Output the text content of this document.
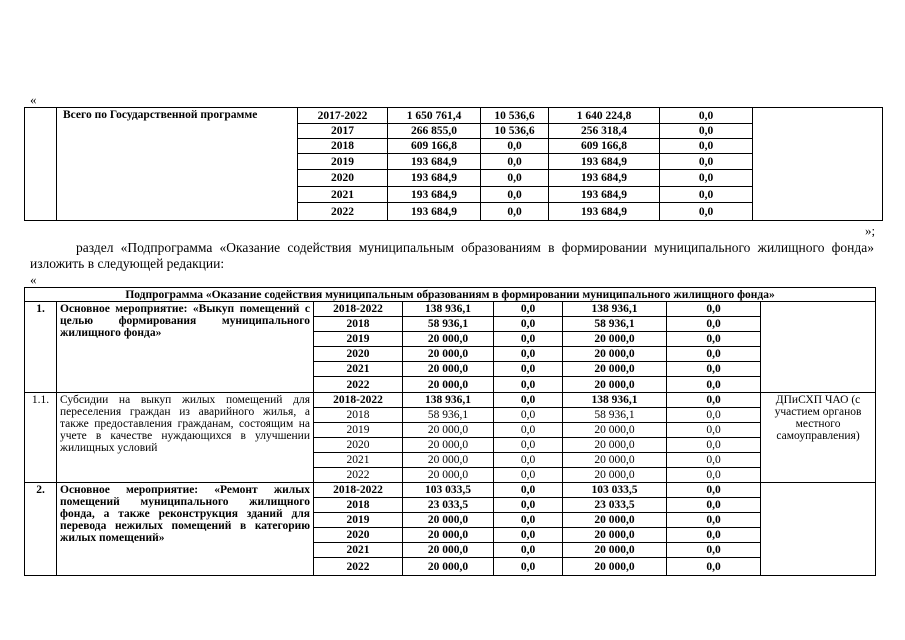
«
	Всего по Государственной программе	2017-2022	1 650 761,4	10 536,6	1 640 224,8	0,0	
		2017	266 855,0	10 536,6	256 318,4	0,0	
		2018	609 166,8	0,0	609 166,8	0,0	
		2019	193 684,9	0,0	193 684,9	0,0	
		2020	193 684,9	0,0	193 684,9	0,0	
		2021	193 684,9	0,0	193 684,9	0,0	
		2022	193 684,9	0,0	193 684,9	0,0	
»;
раздел «Подпрограмма «Оказание содействия муниципальным образованиям в формировании муниципального жилищного фонда» изложить в следующей редакции:
«
Подпрограмма «Оказание содействия муниципальным образованиям в формировании муниципального жилищного фонда»							
1.	Основное мероприятие: «Выкуп помещений с целью формирования муниципального жилищного фонда»	2018-2022	138 936,1	0,0	138 936,1	0,0	
		2018	58 936,1	0,0	58 936,1	0,0	
		2019	20 000,0	0,0	20 000,0	0,0	
		2020	20 000,0	0,0	20 000,0	0,0	
		2021	20 000,0	0,0	20 000,0	0,0	
		2022	20 000,0	0,0	20 000,0	0,0	
1.1.	Субсидии на выкуп жилых помещений для переселения граждан из аварийного жилья, а также предоставления гражданам, состоящим на учете в качестве нуждающихся в улучшении жилищных условий	2018-2022	138 936,1	0,0	138 936,1	0,0	ДПиСХП ЧАО (с участием органов местного самоуправления)
		2018	58 936,1	0,0	58 936,1	0,0	
		2019	20 000,0	0,0	20 000,0	0,0	
		2020	20 000,0	0,0	20 000,0	0,0	
		2021	20 000,0	0,0	20 000,0	0,0	
		2022	20 000,0	0,0	20 000,0	0,0	
2.	Основное мероприятие: «Ремонт жилых помещений муниципального жилищного фонда, а также реконструкция зданий для перевода нежилых помещений в категорию жилых помещений»	2018-2022	103 033,5	0,0	103 033,5	0,0	
		2018	23 033,5	0,0	23 033,5	0,0	
		2019	20 000,0	0,0	20 000,0	0,0	
		2020	20 000,0	0,0	20 000,0	0,0	
		2021	20 000,0	0,0	20 000,0	0,0	
		2022	20 000,0	0,0	20 000,0	0,0	
